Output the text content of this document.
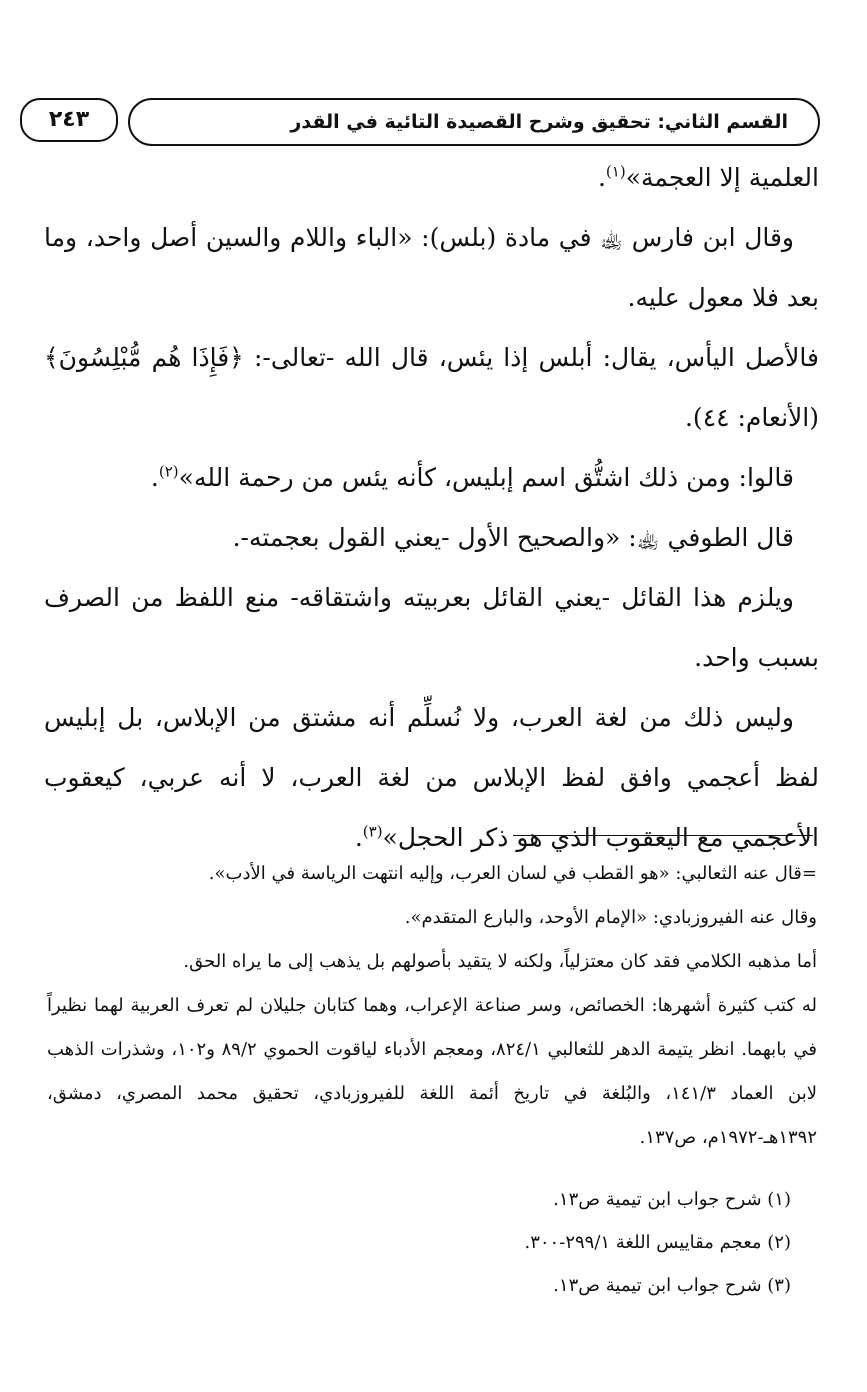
القسم الثاني: تحقيق وشرح القصيدة التائية في القدر
٢٤٣

العلمية إلا العجمة»$^{(١)}$.

وقال ابن فارس ﵀ في مادة (بلس): «الباء واللام والسين أصل واحد، وما بعد فلا معول عليه.

فالأصل اليأس، يقال: أبلس إذا يئس، قال الله -تعالى-: ﴿فَإِذَا هُم مُّبْلِسُونَ﴾ (الأنعام: ٤٤).

قالوا: ومن ذلك اشتُّق اسم إبليس، كأنه يئس من رحمة الله»$^{(٢)}$.

قال الطوفي ﵀: «والصحيح الأول -يعني القول بعجمته-.

ويلزم هذا القائل -يعني القائل بعربيته واشتقاقه- منع اللفظ من الصرف بسبب واحد.

وليس ذلك من لغة العرب، ولا نُسلِّم أنه مشتق من الإبلاس، بل إبليس لفظ أعجمي وافق لفظ الإبلاس من لغة العرب، لا أنه عربي، كيعقوب الأعجمي مع اليعقوب الذي هو ذكر الحجل»$^{(٣)}$.

=قال عنه الثعالبي: «هو القطب في لسان العرب، وإليه انتهت الرياسة في الأدب».

وقال عنه الفيروزبادي: «الإمام الأوحد، والبارع المتقدم».

أما مذهبه الكلامي فقد كان معتزلياً، ولكنه لا يتقيد بأصولهم بل يذهب إلى ما يراه الحق.

له كتب كثيرة أشهرها: الخصائص، وسر صناعة الإعراب، وهما كتابان جليلان لم تعرف العربية لهما نظيراً في بابهما. انظر يتيمة الدهر للثعالبي ٨٢٤/١، ومعجم الأدباء لياقوت الحموي ٨٩/٢ و١٠٢، وشذرات الذهب لابن العماد ١٤١/٣، والبُلغة في تاريخ أئمة اللغة للفيروزبادي، تحقيق محمد المصري، دمشق، ١٣٩٢هـ-١٩٧٢م، ص١٣٧.

(١) شرح جواب ابن تيمية ص١٣.
(٢) معجم مقاييس اللغة ٢٩٩/١-٣٠٠.
(٣) شرح جواب ابن تيمية ص١٣.
